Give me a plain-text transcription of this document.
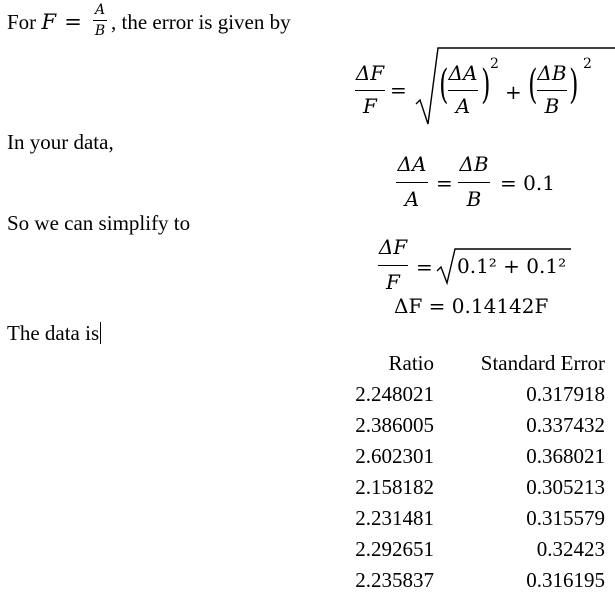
For F = A
B , the error is given by
ΔF
F
= ( ΔA
A ) 2
+ ( ΔB
B ) 2
In your data,
ΔA
A
=
ΔB
B
= 0.1
So we can simplify to
ΔF
F
= 0.1² + 0.1²
ΔF = 0.14142F
The data is
Ratio Standard Error
2.248021	0.317918
2.386005	0.337432
2.602301	0.368021
2.158182	0.305213
2.231481	0.315579
2.292651	0.32423
2.235837	0.316195
